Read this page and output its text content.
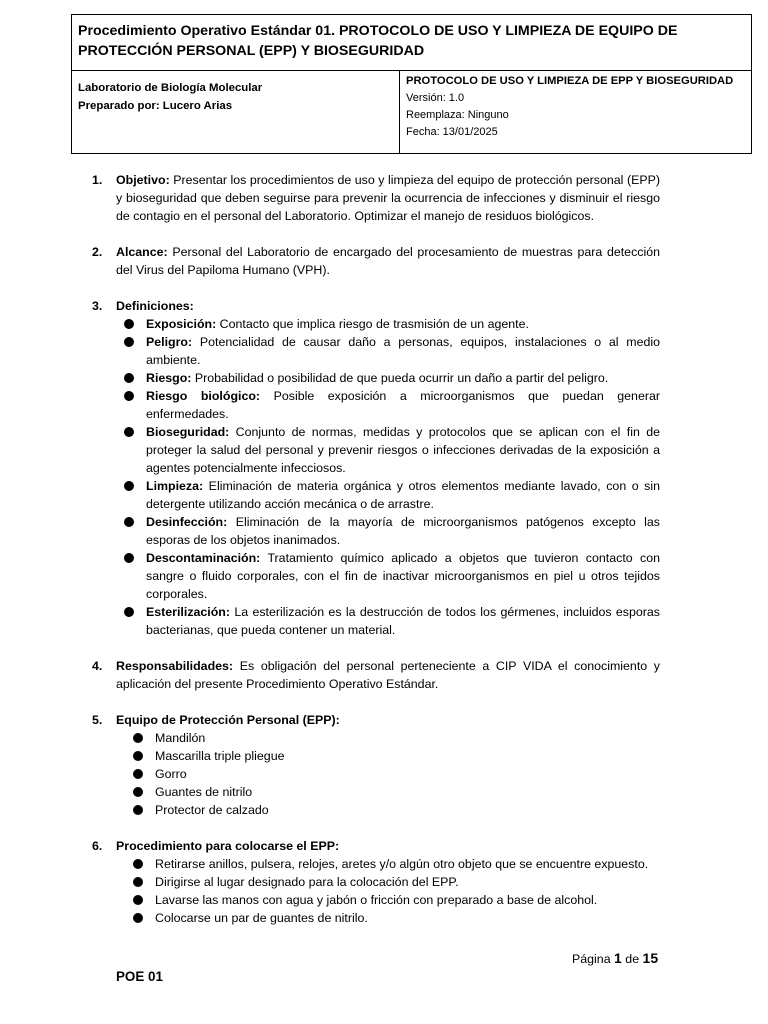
Procedimiento Operativo Estándar 01. PROTOCOLO DE USO Y LIMPIEZA DE EQUIPO DE PROTECCIÓN PERSONAL (EPP) Y BIOSEGURIDAD
Laboratorio de Biología Molecular
Preparado por: Lucero Arias
PROTOCOLO DE USO Y LIMPIEZA DE EPP Y BIOSEGURIDAD
Versión: 1.0
Reemplaza: Ninguno
Fecha: 13/01/2025
1.	Objetivo: Presentar los procedimientos de uso y limpieza del equipo de protección personal (EPP) y bioseguridad que deben seguirse para prevenir la ocurrencia de infecciones y disminuir el riesgo de contagio en el personal del Laboratorio. Optimizar el manejo de residuos biológicos.
2.	Alcance: Personal del Laboratorio de encargado del procesamiento de muestras para detección del Virus del Papiloma Humano (VPH).
3.	Definiciones:
Exposición: Contacto que implica riesgo de trasmisión de un agente.
Peligro: Potencialidad de causar daño a personas, equipos, instalaciones o al medio ambiente.
Riesgo: Probabilidad o posibilidad de que pueda ocurrir un daño a partir del peligro.
Riesgo biológico: Posible exposición a microorganismos que puedan generar enfermedades.
Bioseguridad: Conjunto de normas, medidas y protocolos que se aplican con el fin de proteger la salud del personal y prevenir riesgos o infecciones derivadas de la exposición a agentes potencialmente infecciosos.
Limpieza: Eliminación de materia orgánica y otros elementos mediante lavado, con o sin detergente utilizando acción mecánica o de arrastre.
Desinfección: Eliminación de la mayoría de microorganismos patógenos excepto las esporas de los objetos inanimados.
Descontaminación: Tratamiento químico aplicado a objetos que tuvieron contacto con sangre o fluido corporales, con el fin de inactivar microorganismos en piel u otros tejidos corporales.
Esterilización: La esterilización es la destrucción de todos los gérmenes, incluidos esporas bacterianas, que pueda contener un material.
4.	Responsabilidades: Es obligación del personal perteneciente a CIP VIDA el conocimiento y aplicación del presente Procedimiento Operativo Estándar.
5.	Equipo de Protección Personal (EPP):
Mandilón
Mascarilla triple pliegue
Gorro
Guantes de nitrilo
Protector de calzado
6.	Procedimiento para colocarse el EPP:
Retirarse anillos, pulsera, relojes, aretes y/o algún otro objeto que se encuentre expuesto.
Dirigirse al lugar designado para la colocación del EPP.
Lavarse las manos con agua y jabón o fricción con preparado a base de alcohol.
Colocarse un par de guantes de nitrilo.
Página 1 de 15
POE 01
